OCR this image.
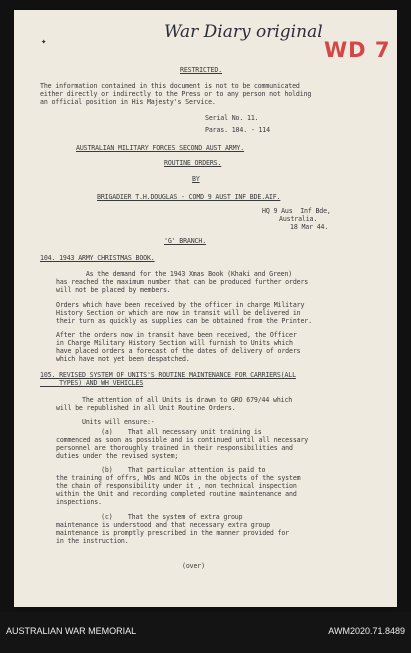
✦	War Diary original
WD 7
RESTRICTED.
The information contained in this document is not to be communicated
either directly or indirectly to the Press or to any person not holding
an official position in His Majesty's Service.
Serial No. 11.
Paras. 104. - 114
AUSTRALIAN MILITARY FORCES SECOND AUST ARMY.
ROUTINE ORDERS.
BY
BRIGADIER T.H.DOUGLAS - COMD 9 AUST INF BDE.AIF.
HQ 9 Aus  Inf Bde,
Australia.
18 Mar 44.
'G' BRANCH.
104. 1943 ARMY CHRISTMAS BOOK.
As the demand for the 1943 Xmas Book (Khaki and Green)
has reached the maximum number that can be produced further orders
will not be placed by members.
Orders which have been received by the officer in charge Military
History Section or which are now in transit will be delivered in
their turn as quickly as supplies can be obtained from the Printer.
After the orders now in transit have been received, the Officer
in Charge Military History Section will furnish to Units which
have placed orders a forecast of the dates of delivery of orders
which have not yet been despatched.
105. REVISED SYSTEM OF UNITS'S ROUTINE MAINTENANCE FOR CARRIERS(ALL
TYPES) AND WH VEHICLES
The attention of all Units is drawn to GRO 679/44 which
will be republished in all Unit Routine Orders.
Units will ensure:-
(a)    That all necessary unit training is
commenced as soon as possible and is continued until all necessary
personnel are thoroughly trained in their responsibilities and
duties under the revised system;
(b)    That particular attention is paid to
the training of offrs, WOs and NCOs in the objects of the system
the chain of responsibility under it , non technical inspection
within the Unit and recording completed routine maintenance and
inspections.
(c)    That the system of extra group
maintenance is understood and that necessary extra group
maintenance is promptly prescribed in the manner provided for
in the instruction.
(over)
AUSTRALIAN WAR MEMORIAL	AWM2020.71.8489
